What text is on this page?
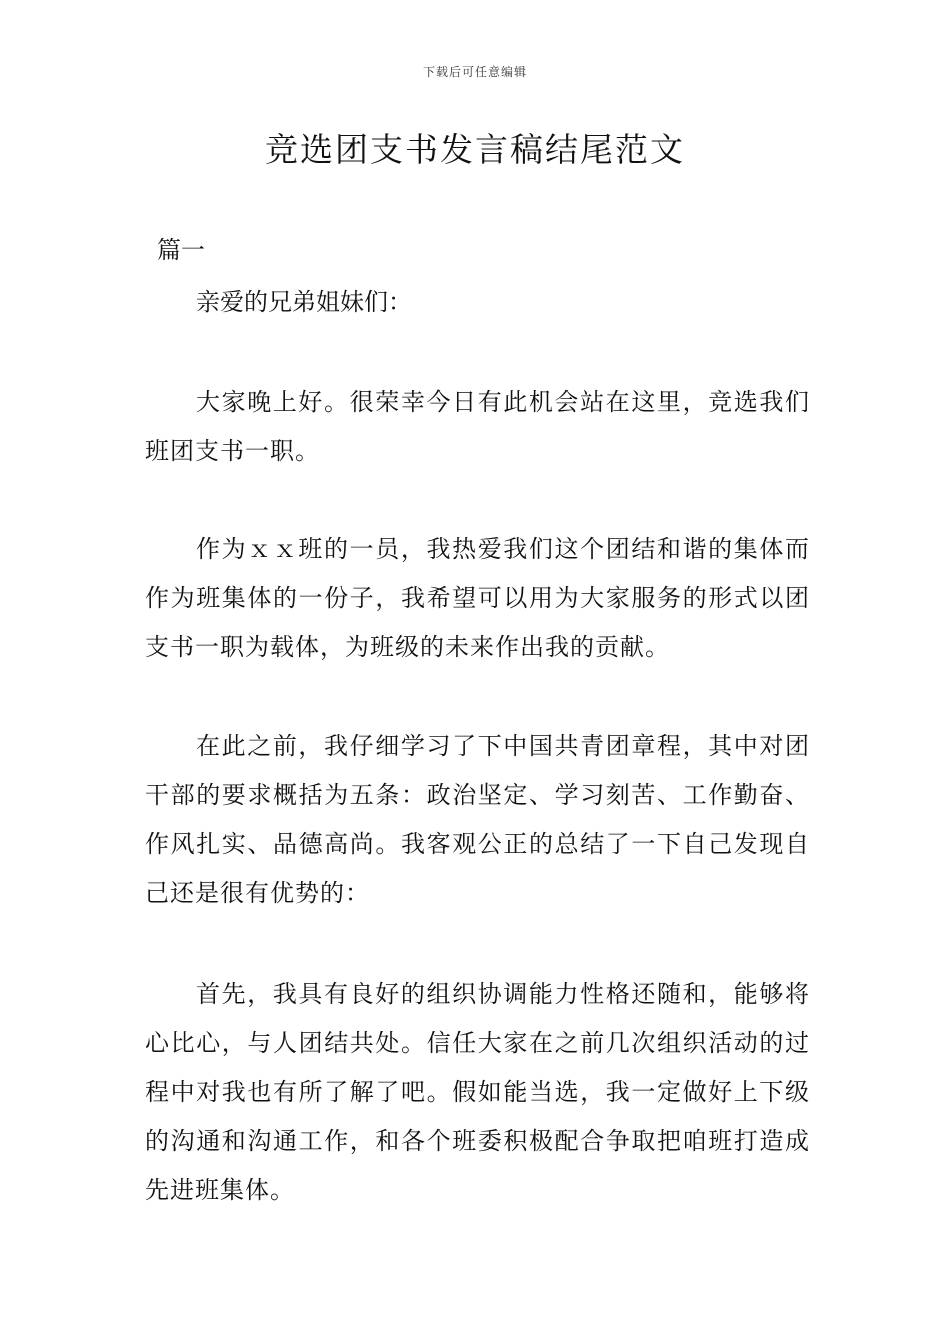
下载后可任意编辑
竞选团支书发言稿结尾范文
篇一
亲爱的兄弟姐妹们：

大家晚上好。很荣幸今日有此机会站在这里，竞选我们班团支书一职。

作为ｘｘ班的一员，我热爱我们这个团结和谐的集体而作为班集体的一份子，我希望可以用为大家服务的形式以团支书一职为载体，为班级的未来作出我的贡献。

在此之前，我仔细学习了下中国共青团章程，其中对团干部的要求概括为五条：政治坚定、学习刻苦、工作勤奋、作风扎实、品德高尚。我客观公正的总结了一下自己发现自己还是很有优势的：

首先，我具有良好的组织协调能力性格还随和，能够将心比心，与人团结共处。信任大家在之前几次组织活动的过程中对我也有所了解了吧。假如能当选，我一定做好上下级的沟通和沟通工作，和各个班委积极配合争取把咱班打造成先进班集体。
